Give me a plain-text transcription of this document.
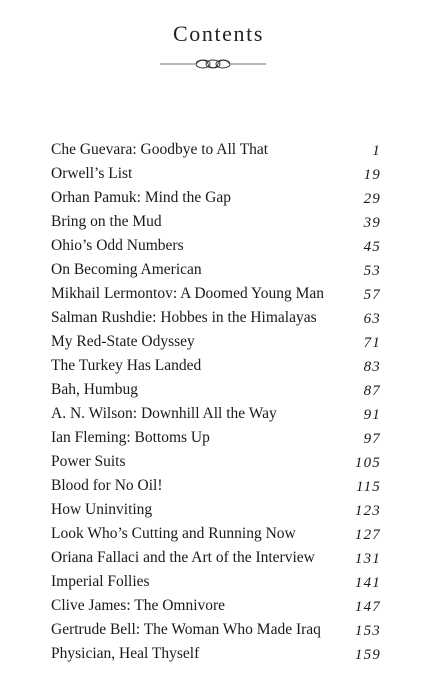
Contents
Che Guevara: Goodbye to All That	1
Orwell’s List	19
Orhan Pamuk: Mind the Gap	29
Bring on the Mud	39
Ohio’s Odd Numbers	45
On Becoming American	53
Mikhail Lermontov: A Doomed Young Man	57
Salman Rushdie: Hobbes in the Himalayas	63
My Red-State Odyssey	71
The Turkey Has Landed	83
Bah, Humbug	87
A. N. Wilson: Downhill All the Way	91
Ian Fleming: Bottoms Up	97
Power Suits	105
Blood for No Oil!	115
How Uninviting	123
Look Who’s Cutting and Running Now	127
Oriana Fallaci and the Art of the Interview	131
Imperial Follies	141
Clive James: The Omnivore	147
Gertrude Bell: The Woman Who Made Iraq 153
Physician, Heal Thyself	159
